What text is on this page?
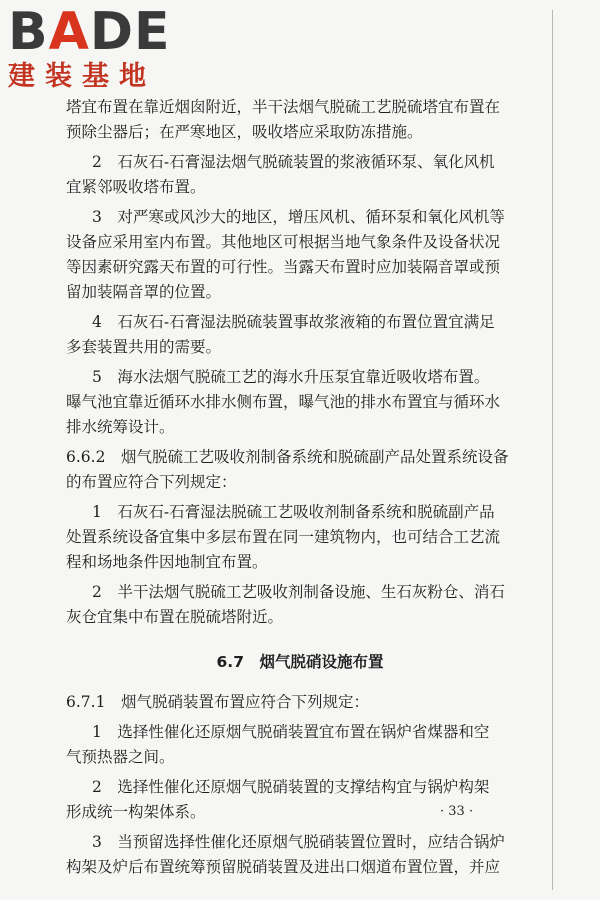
BADE
建装基地
塔宜布置在靠近烟囱附近，半干法烟气脱硫工艺脱硫塔宜布置在
预除尘器后；在严寒地区，吸收塔应采取防冻措施。
2　石灰石-石膏湿法烟气脱硫装置的浆液循环泵、氧化风机
宜紧邻吸收塔布置。
3　对严寒或风沙大的地区，增压风机、循环泵和氧化风机等
设备应采用室内布置。其他地区可根据当地气象条件及设备状况
等因素研究露天布置的可行性。当露天布置时应加装隔音罩或预
留加装隔音罩的位置。
4　石灰石-石膏湿法脱硫装置事故浆液箱的布置位置宜满足
多套装置共用的需要。
5　海水法烟气脱硫工艺的海水升压泵宜靠近吸收塔布置。
曝气池宜靠近循环水排水侧布置，曝气池的排水布置宜与循环水
排水统筹设计。
6.6.2　烟气脱硫工艺吸收剂制备系统和脱硫副产品处置系统设备
的布置应符合下列规定：
1　石灰石-石膏湿法脱硫工艺吸收剂制备系统和脱硫副产品
处置系统设备宜集中多层布置在同一建筑物内，也可结合工艺流
程和场地条件因地制宜布置。
2　半干法烟气脱硫工艺吸收剂制备设施、生石灰粉仓、消石
灰仓宜集中布置在脱硫塔附近。
6.7　烟气脱硝设施布置
6.7.1　烟气脱硝装置布置应符合下列规定：
1　选择性催化还原烟气脱硝装置宜布置在锅炉省煤器和空
气预热器之间。
2　选择性催化还原烟气脱硝装置的支撑结构宜与锅炉构架
形成统一构架体系。
3　当预留选择性催化还原烟气脱硝装置位置时，应结合锅炉
构架及炉后布置统筹预留脱硝装置及进出口烟道布置位置，并应
· 33 ·
